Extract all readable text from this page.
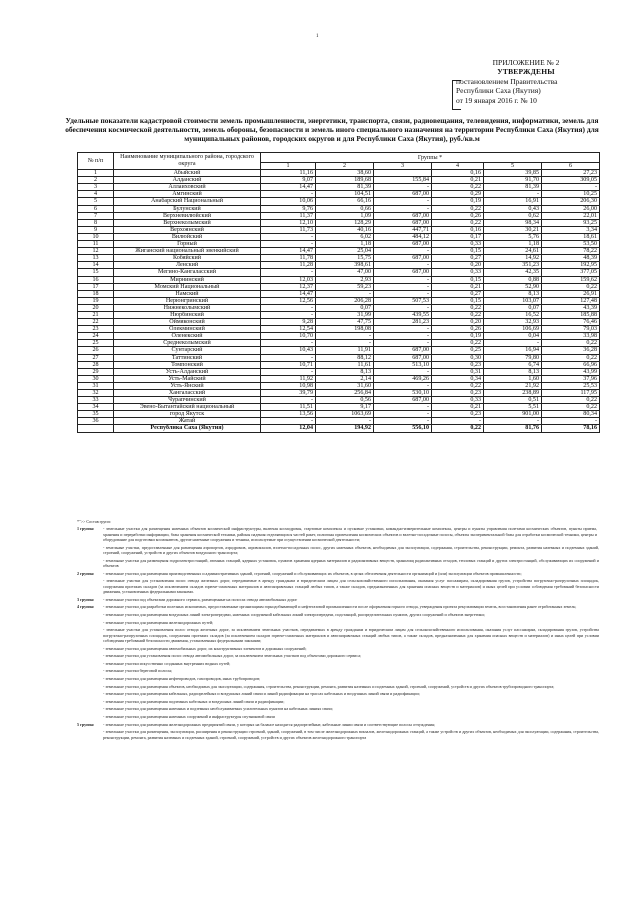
1
ПРИЛОЖЕНИЕ № 2
УТВЕРЖДЕНЫ
постановлением Правительства
Республики Саха (Якутия)
от 19 января 2016 г. № 10
Удельные показатели кадастровой стоимости земель промышленности, энергетики, транспорта, связи, радиовещания, телевидения, информатики, земель для обеспечения космической деятельности, земель обороны, безопасности и земель иного специального назначения на территории Республики Саха (Якутия) для муниципальных районов, городских округов и для Республики Саха (Якутия), руб./кв.м
№ п/п	Наименование муниципального района, городского округа	Группы *					
		1	2	3	4	5	6
1	Абыйский	11,16	38,60		0,16	39,85	27,23
2	Алданский	9,07	189,68	155,84	0,21	91,70	309,05
3	Аллаиховский	14,47	81,39	-	0,22	81,39	-
4	Амгинский	-	104,51	687,00	0,29	-	10,25
5	Анабарский Национальный	10,06	66,16	-	0,19	16,91	206,30
6	Булунский	9,76	0,66	-	0,22	0,43	26,00
7	Верхневилюйский	11,37	1,09	687,00	0,26	0,62	22,01
8	Верхнеколымский	12,10	128,29	687,00	0,22	98,34	93,25
9	Верхоянский	11,73	40,16	447,71	0,16	30,21	3,34
10	Вилюйский	-	6,02	484,12	0,17	5,76	18,61
11	Горный	-	1,18	687,00	0,33	1,18	53,50
12	Жиганский национальный эвенкийский	14,47	25,04	-	0,15	24,61	78,22
13	Кобяйский	11,78	15,75	687,00	0,27	14,92	48,39
14	Ленский	11,28	398,61	-	0,20	351,23	192,95
15	Мегино-Кангаласский	-	47,00	687,00	0,33	42,35	377,05
16	Мирнинский	12,03	2,93	-	0,15	0,88	159,62
17	Момский Национальный	12,37	59,23	-	0,21	52,90	0,22
18	Намский	14,47	-	-	0,27	8,13	26,91
19	Нерюнгринский	12,56	206,28	507,53	0,15	103,07	127,48
20	Нижнеколымский	-	0,07	-	0,22	0,07	43,39
21	Нюрбинский	-	31,99	439,55	0,22	16,52	185,88
22	Оймяконский	9,28	47,75	281,23	0,20	32,93	76,46
23	Олекминский	12,54	198,08	-	0,26	106,69	79,03
24	Оленекский	10,70	-	-	0,19	0,04	33,98
25	Среднеколымский	-	-	-	0,22	-	0,22
26	Сунтарский	10,43	11,91	687,00	0,25	16,94	36,28
27	Таттинский	-	88,12	687,00	0,30	79,80	0,22
28	Томпонский	10,71	11,61	513,10	0,23	6,74	66,96
29	Усть-Алданский	-	8,13	-	0,31	8,13	43,99
30	Усть-Майский	11,92	2,14	469,26	0,34	1,60	37,96
31	Усть-Янский	10,98	31,60	-	0,22	21,92	25,53
32	Хангаласский	39,79	256,84	530,10	0,23	238,89	117,95
33	Чурапчинский	-	0,56	687,00	0,33	0,51	0,22
34	Эвено-Бытантайский национальный	11,51	9,17	-	0,21	5,51	0,22
35	город Якутск	13,56	1063,69	-	0,23	901,00	80,34
36	Жатай	-	-	-	-	-	-
	Республика Саха (Якутия)	12,04	194,92	556,10	0,22	81,76	78,16
*">> Состав групп:
1 группа: - земельные участки для размещения наземных объектов космической инфраструктуры, включая космодромы, стартовые комплексы и пусковые установки, командно-измерительные комплексы, центры и пункты управления полетами космических объектов, пункты приема, хранения и переработки информации, базы хранения космической техники, районы падения отделяющихся частей ракет, полигоны приземления космических объектов и взлетно-посадочные полосы, объекты экспериментальной базы для отработки космической техники, центры и оборудование для подготовки космонавтов, другие наземные сооружения и техника, используемые при осуществлении космической деятельности;
- земельные участки, предоставленные для размещения аэропортов, аэродромов, аэровокзалов, взлетно-посадочных полос, других наземных объектов, необходимых для эксплуатации, содержания, строительства, реконструкции, ремонта, развития наземных и подземных зданий, строений, сооружений, устройств и других объектов воздушного транспорта;
- земельные участки для размещения гидроэлектростанций, атомных станций, ядерных установок, пунктов хранения ядерных материалов и радиоактивных веществ, хранилищ радиоактивных отходов, тепловых станций и других электростанций, обслуживающих их сооружений и объектов
2 группа: - земельные участки для размещения производственных и административных зданий, строений, сооружений и обслуживающих их объектов, в целях обеспечения деятельности организаций и (или) эксплуатации объектов промышленности;
- земельные участки для установления полос отвода железных дорог, передаваемые в аренду гражданам и юридическим лицам для сельскохозяйственного использования, оказания услуг пассажирам, складирования грузов, устройства погрузочно-разгрузочных площадок, сооружения проезжих складов (за исключением складов горюче-смазочных материалов и автозаправочных станций любых типов, а также складов, предназначенных для хранения опасных веществ и материалов) и иных целей при условии соблюдения требований безопасности движения, установленных федеральными законами.
3 группа: - земельные участки под объектами дорожного сервиса, размещенные на полосах отвода автомобильных дорог
4 группа: - земельные участки для разработки полезных ископаемых, предоставленные организациям горнодобывающей и нефтегазовой промышленности после оформления горного отвода, утверждения проекта рекультивации земель, восстановления ранее отработанных земель;
- земельные участки для размещения воздушных линий электропередачи, наземных сооружений кабельных линий электропередачи, подстанций, распределительных пунктов, других сооружений и объектов энергетики;
- земельные участки для размещения железнодорожных путей;
- земельные участки для установления полос отвода железных дорог, за исключением земельных участков, передаваемых в аренду гражданам и юридическим лицам для сельскохозяйственного использования, оказания услуг пассажирам, складирования грузов, устройства погрузочно-разгрузочных площадок, сооружения проезжих складов (за исключением складов горюче-смазочных материалов и автозаправочных станций любых типов, а также складов, предназначенных для хранения опасных веществ и материалов) и иных целей при условии соблюдения требований безопасности движения, установленных федеральными законами;
- земельные участки для размещения автомобильных дорог, их конструктивных элементов и дорожных сооружений;
- земельные участки для установления полос отвода автомобильных дорог, за исключением земельных участков под объектами дорожного сервиса;
- земельные участки искусственно созданных внутренних водных путей;
- земельные участки береговой полосы;
- земельные участки для размещения нефтепроводов, газопроводов, иных трубопроводов;
- земельные участки для размещения объектов, необходимых для эксплуатации, содержания, строительства, реконструкции, ремонта, развития наземных и подземных зданий, строений, сооружений, устройств и других объектов трубопроводного транспорта;
- земельные участки для размещения кабельных, радиорелейных и воздушных линий связи и линий радиофикации на трассах кабельных и воздушных линий связи и радиофикации;
- земельные участки для размещения подземных кабельных и воздушных линий связи и радиофикации;
- земельные участки для размещения наземных и подземных необслуживаемых усилительных пунктов на кабельных линиях связи;
- земельные участки для размещения наземных сооружений и инфраструктуры спутниковой связи
5 группа: - земельные участки для размещения железнодорожных предприятий связи, у которых на балансе находятся радиорелейные, кабельные линии связи и соответствующие полосы отчуждения;
- земельные участки для размещения, эксплуатации, расширения и реконструкции строений, зданий, сооружений, в том числе железнодорожных вокзалов, железнодорожных станций, а также устройств и других объектов, необходимых для эксплуатации, содержания, строительства, реконструкции, ремонта, развития наземных и подземных зданий, строений, сооружений, устройств и других объектов железнодорожного транспорта
